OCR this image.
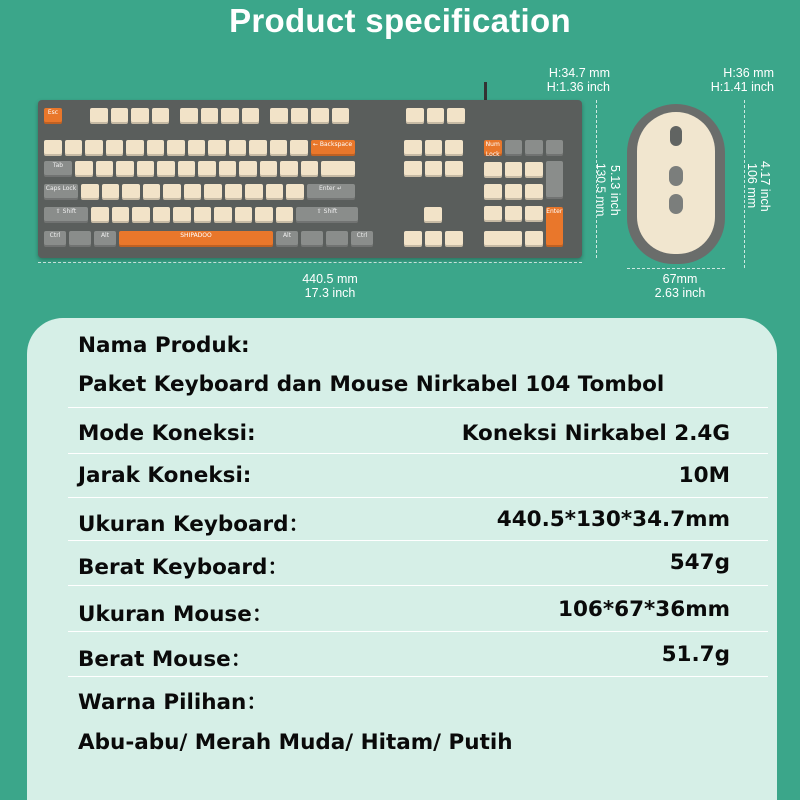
Product specification
H:34.7 mm
H:1.36 inch
5.13 inch
130.5 mm
440.5 mm
17.3 inch
H:36 mm
H:1.41 inch
4.17 inch
106 mm
67mm
2.63 inch
Esc
← Backspace
Tab
Caps Lock	Enter ↵
⇧ Shift	⇧ Shift
Ctrl	Alt	SHIPADOO	Alt	Ctrl
Num Lock
Enter
Nama Produk:
Paket Keyboard dan Mouse Nirkabel 104 Tombol
Mode Koneksi:	Koneksi Nirkabel 2.4G
Jarak Koneksi:	10M
Ukuran Keyboard：	440.5*130*34.7mm
Berat Keyboard：	547g
Ukuran Mouse：	106*67*36mm
Berat Mouse：	51.7g
Warna Pilihan：
Abu-abu/ Merah Muda/ Hitam/ Putih
